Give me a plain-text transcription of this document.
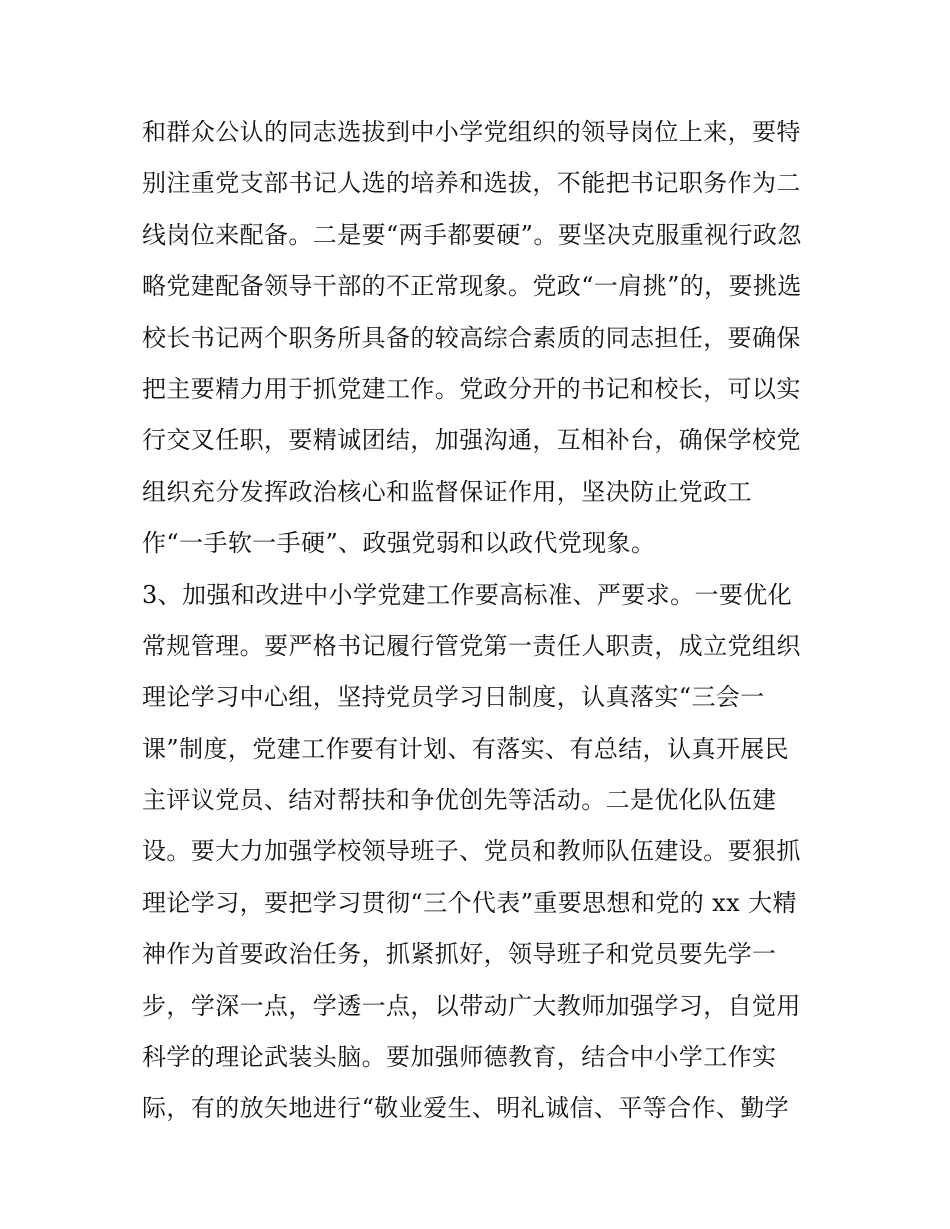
和群众公认的同志选拔到中小学党组织的领导岗位上来，要特
别注重党支部书记人选的培养和选拔，不能把书记职务作为二
线岗位来配备。二是要“两手都要硬”。要坚决克服重视行政忽
略党建配备领导干部的不正常现象。党政“一肩挑”的，要挑选
校长书记两个职务所具备的较高综合素质的同志担任，要确保
把主要精力用于抓党建工作。党政分开的书记和校长，可以实
行交叉任职，要精诚团结，加强沟通，互相补台，确保学校党
组织充分发挥政治核心和监督保证作用，坚决防止党政工
作“一手软一手硬”、政强党弱和以政代党现象。
3、加强和改进中小学党建工作要高标准、严要求。一要优化
常规管理。要严格书记履行管党第一责任人职责，成立党组织
理论学习中心组，坚持党员学习日制度，认真落实“三会一
课”制度，党建工作要有计划、有落实、有总结，认真开展民
主评议党员、结对帮扶和争优创先等活动。二是优化队伍建
设。要大力加强学校领导班子、党员和教师队伍建设。要狠抓
理论学习，要把学习贯彻“三个代表”重要思想和党的 xx 大精
神作为首要政治任务，抓紧抓好，领导班子和党员要先学一
步，学深一点，学透一点，以带动广大教师加强学习，自觉用
科学的理论武装头脑。要加强师德教育，结合中小学工作实
际，有的放矢地进行“敬业爱生、明礼诚信、平等合作、勤学
